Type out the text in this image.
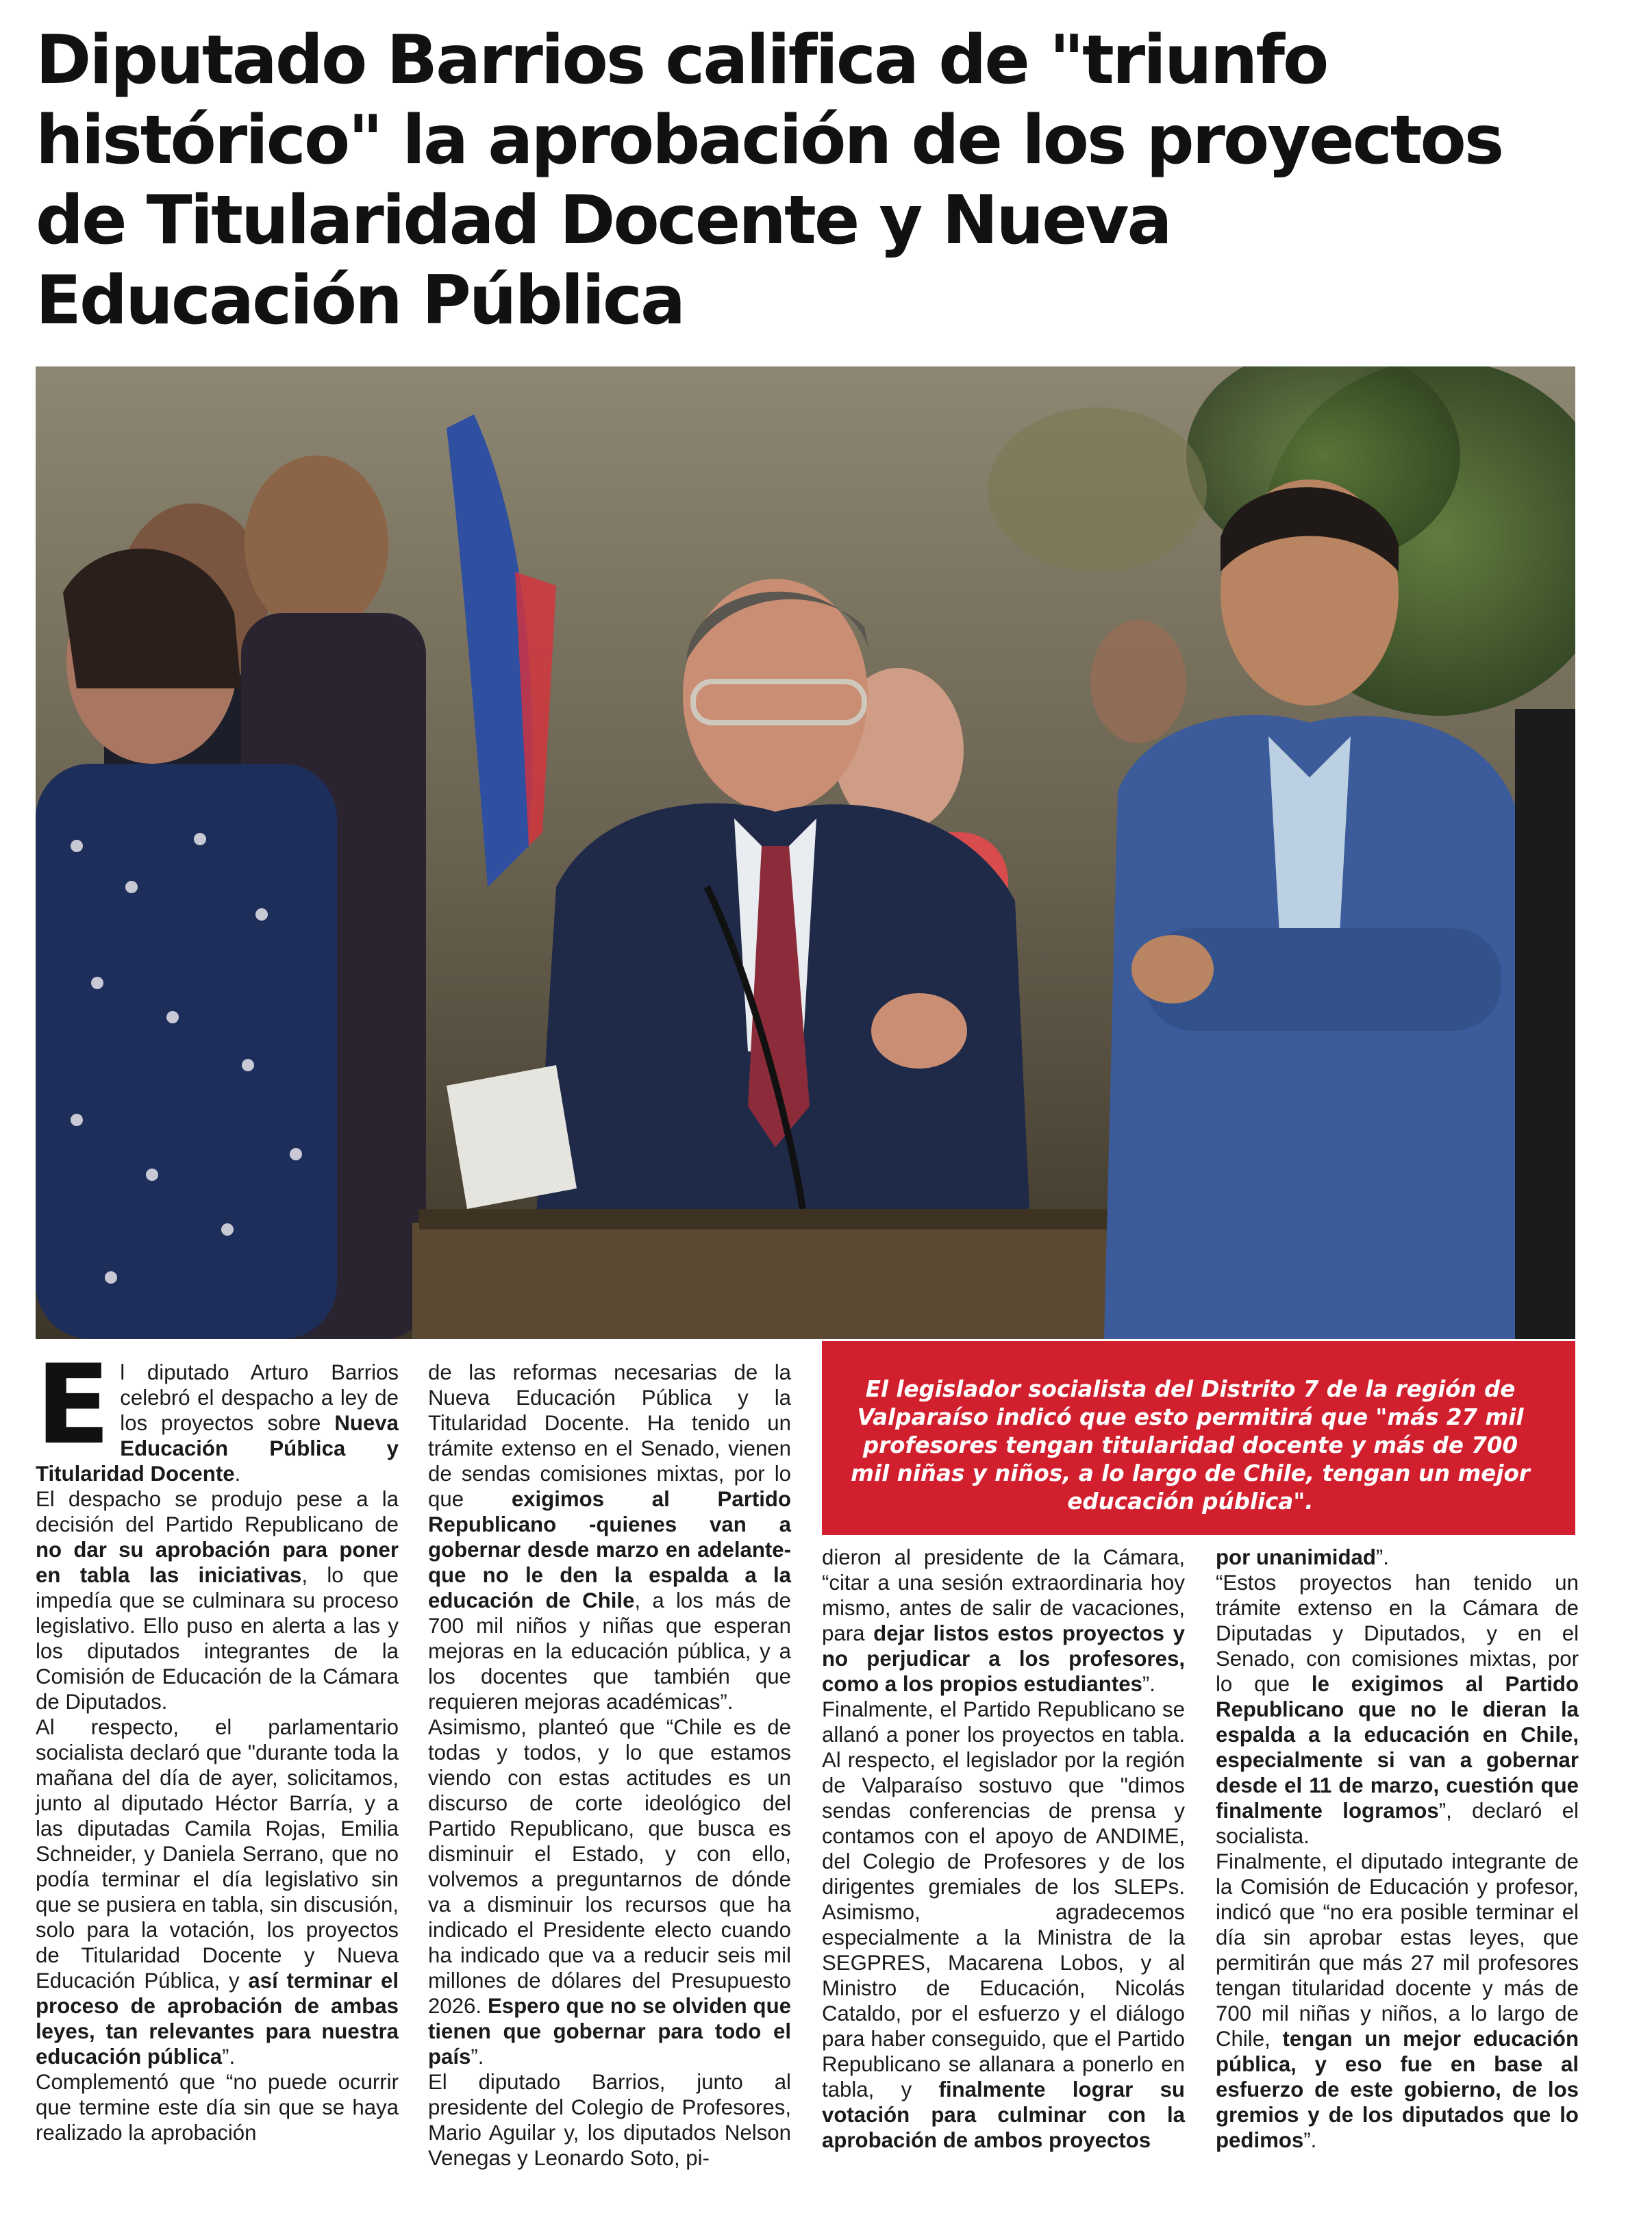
Diputado Barrios califica de "triunfo
histórico" la aprobación de los proyectos
de Titularidad Docente y Nueva
Educación Pública
E l diputado Arturo Barrios celebró el despacho a ley de los proyectos sobre Nueva Educación Pública y Titularidad Docente.

El despacho se produjo pese a la decisión del Partido Republicano de no dar su aprobación para poner en tabla las iniciativas, lo que impedía que se culminara su proceso legislativo. Ello puso en alerta a las y los diputados integrantes de la Comisión de Educación de la Cámara de Diputados.

Al respecto, el parlamentario socialista declaró que "durante toda la mañana del día de ayer, solicitamos, junto al diputado Héctor Barría, y a las diputadas Camila Rojas, Emilia Schneider, y Daniela Serrano, que no podía terminar el día legislativo sin que se pusiera en tabla, sin discusión, solo para la votación, los proyectos de Titularidad Docente y Nueva Educación Pública, y así terminar el proceso de aprobación de ambas leyes, tan relevantes para nuestra educación pública”.

Complementó que “no puede ocurrir que termine este día sin que se haya realizado la aprobación

de las reformas necesarias de la Nueva Educación Pública y la Titularidad Docente. Ha tenido un trámite extenso en el Senado, vienen de sendas comisiones mixtas, por lo que exigimos al Partido Republicano -quienes van a gobernar desde marzo en adelante- que no le den la espalda a la educación de Chile, a los más de 700 mil niños y niñas que esperan mejoras en la educación pública, y a los docentes que también que requieren mejoras académicas”.

Asimismo, planteó que “Chile es de todas y todos, y lo que estamos viendo con estas actitudes es un discurso de corte ideológico del Partido Republicano, que busca es disminuir el Estado, y con ello, volvemos a preguntarnos de dónde va a disminuir los recursos que ha indicado el Presidente electo cuando ha indicado que va a reducir seis mil millones de dólares del Presupuesto 2026. Espero que no se olviden que tienen que gobernar para todo el país”.

El diputado Barrios, junto al presidente del Colegio de Profesores, Mario Aguilar y, los diputados Nelson Venegas y Leonardo Soto, pi-

El legislador socialista del Distrito 7 de la región de Valparaíso indicó que esto permitirá que "más 27 mil profesores tengan titularidad docente y más de 700 mil niñas y niños, a lo largo de Chile, tengan un mejor educación pública".

dieron al presidente de la Cámara, “citar a una sesión extraordinaria hoy mismo, antes de salir de vacaciones, para dejar listos estos proyectos y no perjudicar a los profesores, como a los propios estudiantes”.

Finalmente, el Partido Republicano se allanó a poner los proyectos en tabla. Al respecto, el legislador por la región de Valparaíso sostuvo que "dimos sendas conferencias de prensa y contamos con el apoyo de ANDIME, del Colegio de Profesores y de los dirigentes gremiales de los SLEPs. Asimismo, agradecemos especialmente a la Ministra de la SEGPRES, Macarena Lobos, y al Ministro de Educación, Nicolás Cataldo, por el esfuerzo y el diálogo para haber conseguido, que el Partido Republicano se allanara a ponerlo en tabla, y finalmente lograr su votación para culminar con la aprobación de ambos proyectos

por unanimidad”.

“Estos proyectos han tenido un trámite extenso en la Cámara de Diputadas y Diputados, y en el Senado, con comisiones mixtas, por lo que le exigimos al Partido Republicano que no le dieran la espalda a la educación en Chile, especialmente si van a gobernar desde el 11 de marzo, cuestión que finalmente logramos”, declaró el socialista.

Finalmente, el diputado integrante de la Comisión de Educación y profesor, indicó que “no era posible terminar el día sin aprobar estas leyes, que permitirán que más 27 mil profesores tengan titularidad docente y más de 700 mil niñas y niños, a lo largo de Chile, tengan un mejor educación pública, y eso fue en base al esfuerzo de este gobierno, de los gremios y de los diputados que lo pedimos”.
